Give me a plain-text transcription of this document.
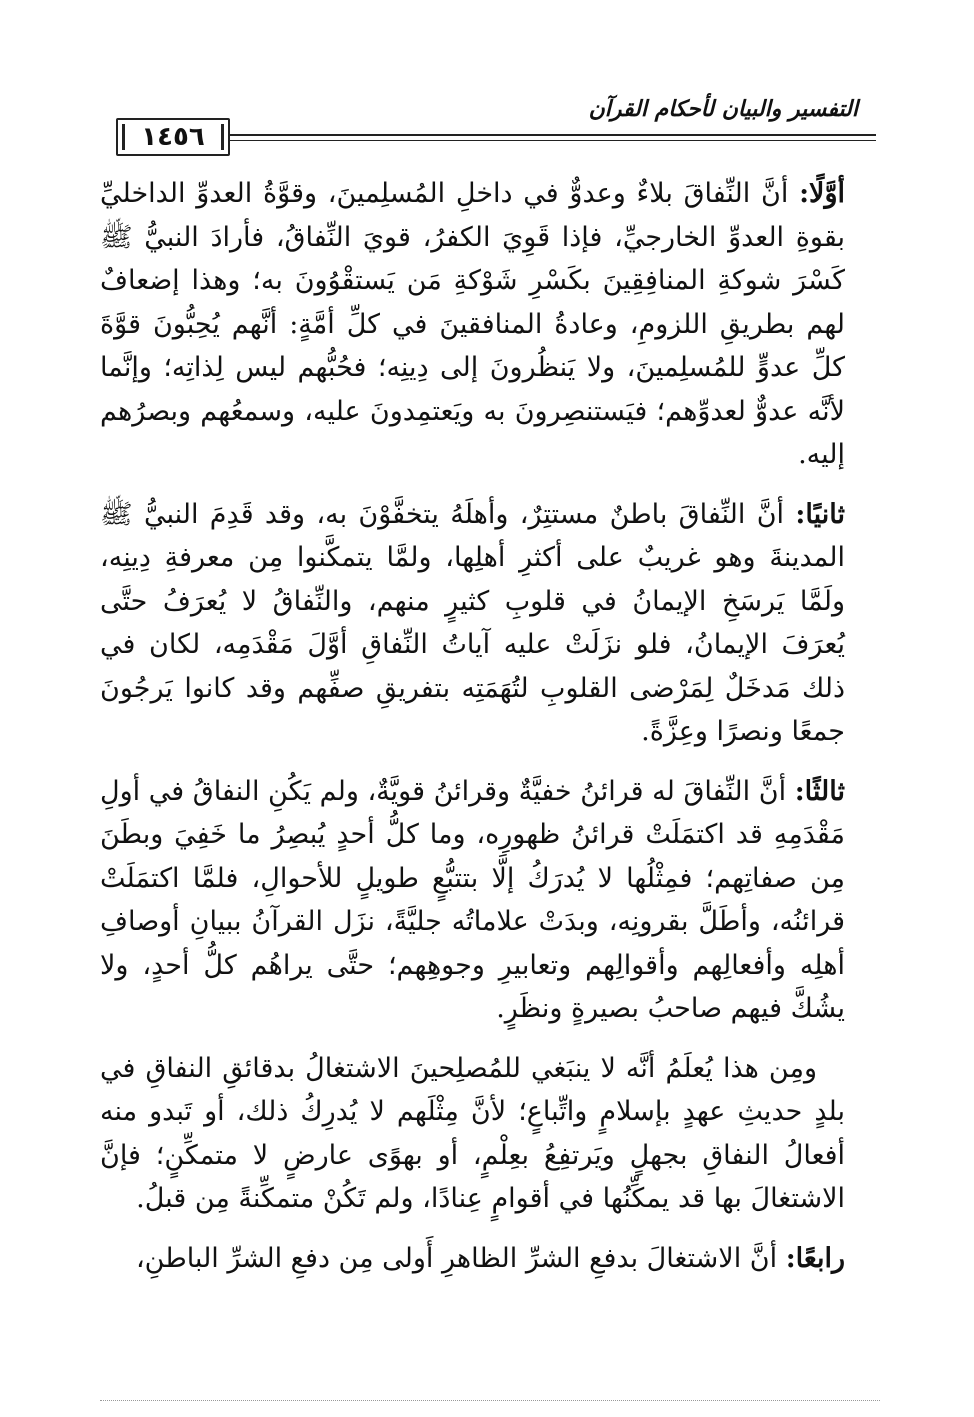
١٤٥٦
التفسير والبيان لأحكام القرآن

أوَّلًا: أنَّ النِّفاقَ بلاءٌ وعدوٌّ في داخلِ المُسلِمينَ، وقوَّةُ العدوِّ الداخليِّ بقوةِ العدوِّ الخارجيِّ، فإذا قَوِيَ الكفرُ، قويَ النِّفاقُ، فأرادَ النبيُّ ﷺ كَسْرَ شوكةِ المنافِقِينَ بكَسْرِ شَوْكةِ مَن يَستقْوُونَ به؛ وهذا إضعافٌ لهم بطريقِ اللزومِ، وعادةُ المنافقينَ في كلِّ أمَّةٍ: أنَّهم يُحِبُّونَ قوَّةَ كلِّ عدوٍّ للمُسلِمينَ، ولا يَنظُرونَ إلى دِينِه؛ فحُبُّهم ليس لِذاتِه؛ وإنَّما لأنَّه عدوٌّ لعدوِّهم؛ فيَستنصِرونَ به ويَعتمِدونَ عليه، وسمعُهم وبصرُهم إليه.

ثانيًا: أنَّ النِّفاقَ باطنٌ مستتِرٌ، وأهلَهُ يتخفَّوْنَ به، وقد قَدِمَ النبيُّ ﷺ المدينةَ وهو غريبٌ على أكثرِ أهلِها، ولمَّا يتمكَّنوا مِن معرفةِ دِينِه، ولَمَّا يَرسَخِ الإيمانُ في قلوبِ كثيرٍ منهم، والنِّفاقُ لا يُعرَفُ حتَّى يُعرَفَ الإيمانُ، فلو نزَلَتْ عليه آياتُ النِّفاقِ أوَّلَ مَقْدَمِه، لكان في ذلك مَدخَلٌ لِمَرْضى القلوبِ لتُهَمَتِه بتفريقِ صفِّهم وقد كانوا يَرجُونَ جمعًا ونصرًا وعِزَّةً.

ثالثًا: أنَّ النِّفاقَ له قرائنُ خفيَّةٌ وقرائنُ قويَّةٌ، ولم يَكُنِ النفاقُ في أولِ مَقْدَمِهِ قد اكتمَلَتْ قرائنُ ظهورِه، وما كلُّ أحدٍ يُبصِرُ ما خَفِيَ وبطَنَ مِن صفاتِهم؛ فمِثْلُها لا يُدرَكُ إلَّا بتتبُّعٍ طويلٍ للأحوالِ، فلمَّا اكتمَلَتْ قرائنُه، وأطَلَّ بقرونِه، وبدَتْ علاماتُه جليَّةً، نزَل القرآنُ ببيانِ أوصافِ أهلِه وأفعالِهم وأقوالِهم وتعابيرِ وجوهِهم؛ حتَّى يراهُم كلُّ أحدٍ، ولا يشُكَّ فيهم صاحبُ بصيرةٍ ونظَرٍ.

ومِن هذا يُعلَمُ أنَّه لا ينبَغي للمُصلِحينَ الاشتغالُ بدقائقِ النفاقِ في بلدٍ حديثِ عهدٍ بإسلامٍ واتِّباعٍ؛ لأنَّ مِثْلَهم لا يُدرِكُ ذلك، أو تَبدو منه أفعالُ النفاقِ بجهلٍ ويَرتفِعُ بعِلْمٍ، أو بهوًى عارضٍ لا متمكِّنٍ؛ فإنَّ الاشتغالَ بها قد يمكِّنُها في أقوامٍ عِنادًا، ولم تَكُنْ متمكِّنةً مِن قبلُ.

رابعًا: أنَّ الاشتغالَ بدفعِ الشرِّ الظاهرِ أَولى مِن دفعِ الشرِّ الباطنِ،
